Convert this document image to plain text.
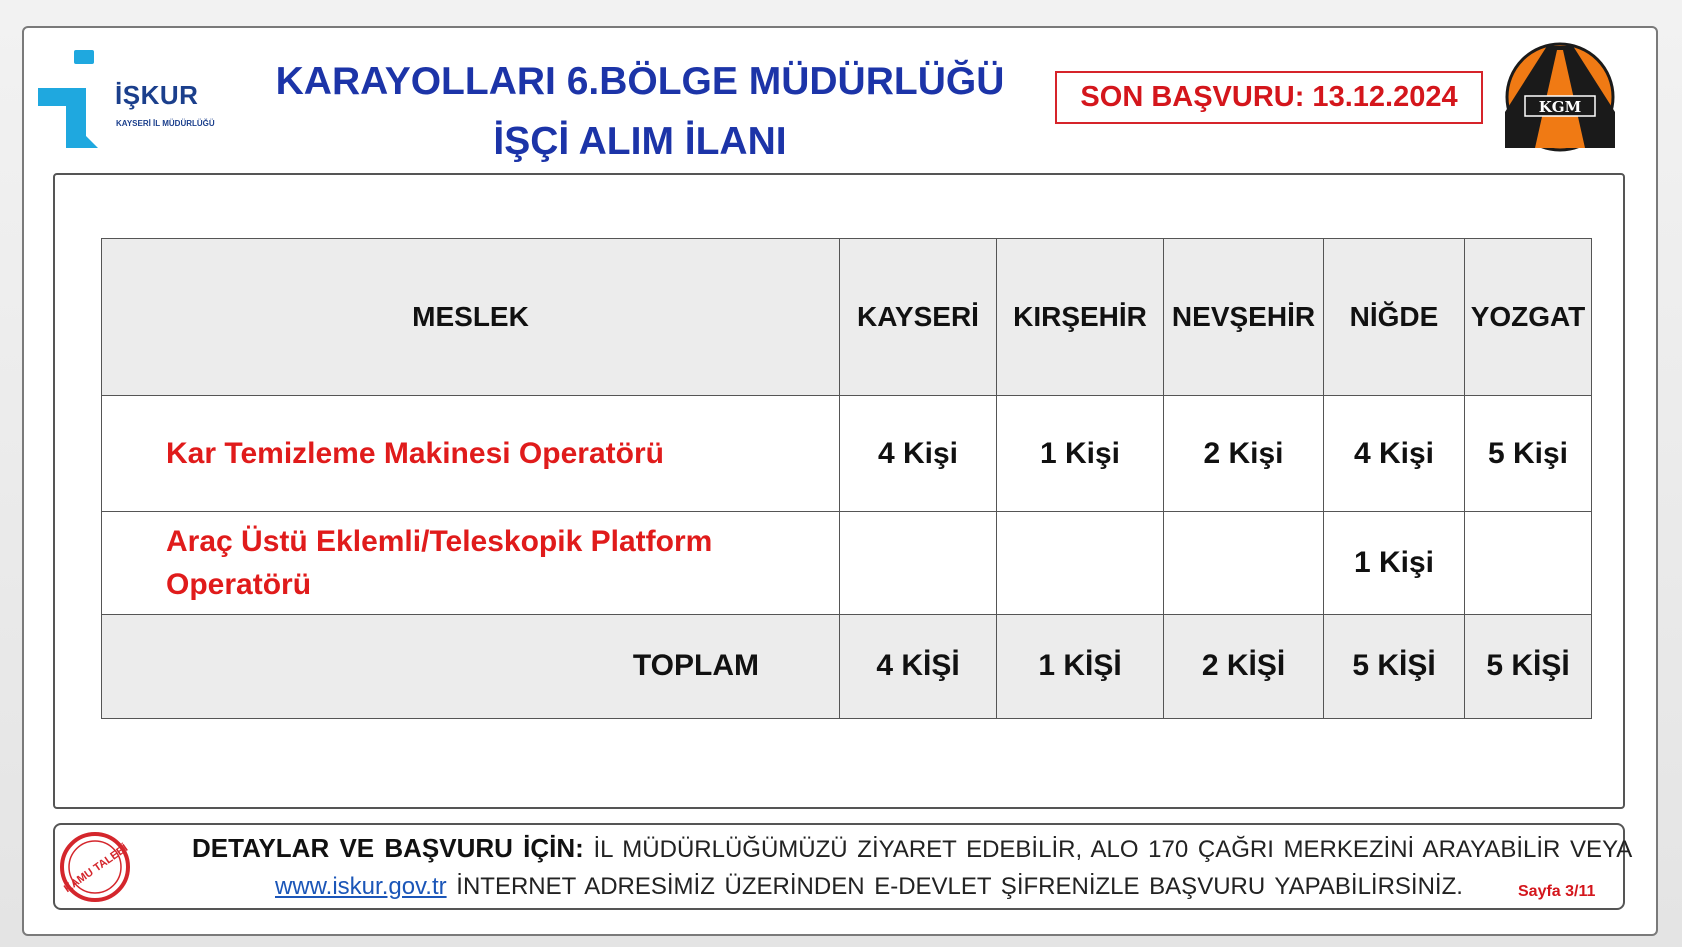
İŞKUR
KAYSERİ İL MÜDÜRLÜĞÜ
KARAYOLLARI 6.BÖLGE MÜDÜRLÜĞÜ
İŞÇİ ALIM İLANI
SON BAŞVURU: 13.12.2024	KGM
MESLEK	KAYSERİ	KIRŞEHİR	NEVŞEHİR	NİĞDE	YOZGAT
Kar Temizleme Makinesi Operatörü	4 Kişi	1 Kişi	2 Kişi	4 Kişi	5 Kişi
Araç Üstü Eklemli/Teleskopik Platform Operatörü				1 Kişi	
TOPLAM	4 KİŞİ	1 KİŞİ	2 KİŞİ	5 KİŞİ	5 KİŞİ
KAMU TALEBİ DETAYLAR VE BAŞVURU İÇİN: İL MÜDÜRLÜĞÜMÜZÜ ZİYARET EDEBİLİR, ALO 170 ÇAĞRI MERKEZİNİ ARAYABİLİR VEYA
www.iskur.gov.tr İNTERNET ADRESİMİZ ÜZERİNDEN E-DEVLET ŞİFRENİZLE BAŞVURU YAPABİLİRSİNİZ.	Sayfa 3/11
